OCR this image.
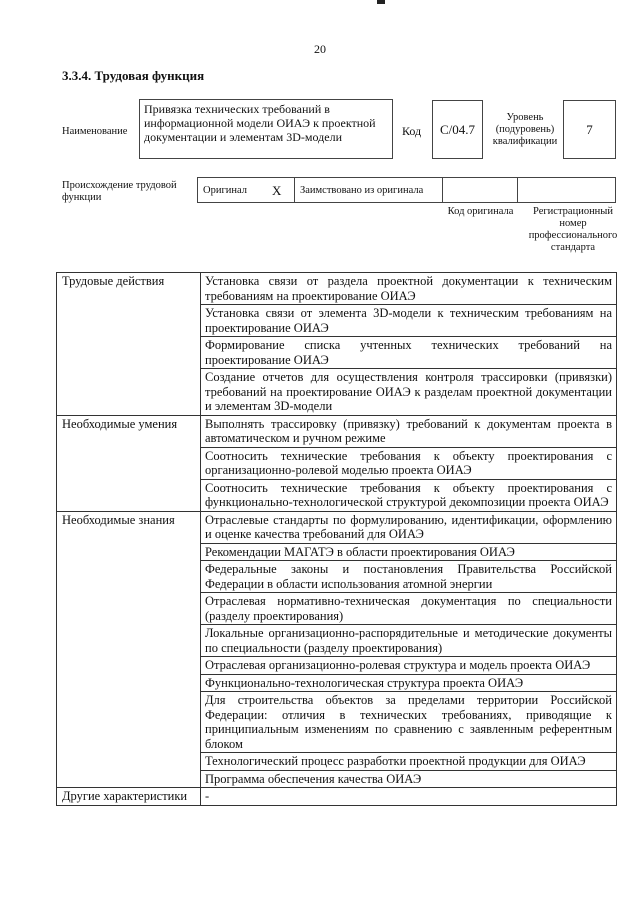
20
3.3.4. Трудовая функция
Наименование
Привязка технических требований в информационной модели ОИАЭ к проектной документации и элементам 3D-модели	Код C/04.7
Уровень (подуровень) квалификации
7
Происхождение трудовой функции
Оригинал X Заимствовано из оригинала
Код оригинала	Регистрационный номер профессионального стандарта
Трудовые действия	Установка связи от раздела проектной документации к техническим требованиям на проектирование ОИАЭ
	Установка связи от элемента 3D-модели к техническим требованиям на проектирование ОИАЭ
	Формирование списка учтенных технических требований на проектирование ОИАЭ
	Создание отчетов для осуществления контроля трассировки (привязки) требований на проектирование ОИАЭ к разделам проектной документации и элементам 3D-модели
Необходимые умения	Выполнять трассировку (привязку) требований к документам проекта в автоматическом и ручном режиме
	Соотносить технические требования к объекту проектирования с организационно-ролевой моделью проекта ОИАЭ
	Соотносить технические требования к объекту проектирования с функционально-технологической структурой декомпозиции проекта ОИАЭ
Необходимые знания	Отраслевые стандарты по формулированию, идентификации, оформлению и оценке качества требований для ОИАЭ
	Рекомендации МАГАТЭ в области проектирования ОИАЭ
	Федеральные законы и постановления Правительства Российской Федерации в области использования атомной энергии
	Отраслевая нормативно-техническая документация по специальности (разделу проектирования)
	Локальные организационно-распорядительные и методические документы по специальности (разделу проектирования)
	Отраслевая организационно-ролевая структура и модель проекта ОИАЭ
	Функционально-технологическая структура проекта ОИАЭ
	Для строительства объектов за пределами территории Российской Федерации: отличия в технических требованиях, приводящие к принципиальным изменениям по сравнению с заявленным референтным блоком
	Технологический процесс разработки проектной продукции для ОИАЭ
	Программа обеспечения качества ОИАЭ
Другие характеристики	-
